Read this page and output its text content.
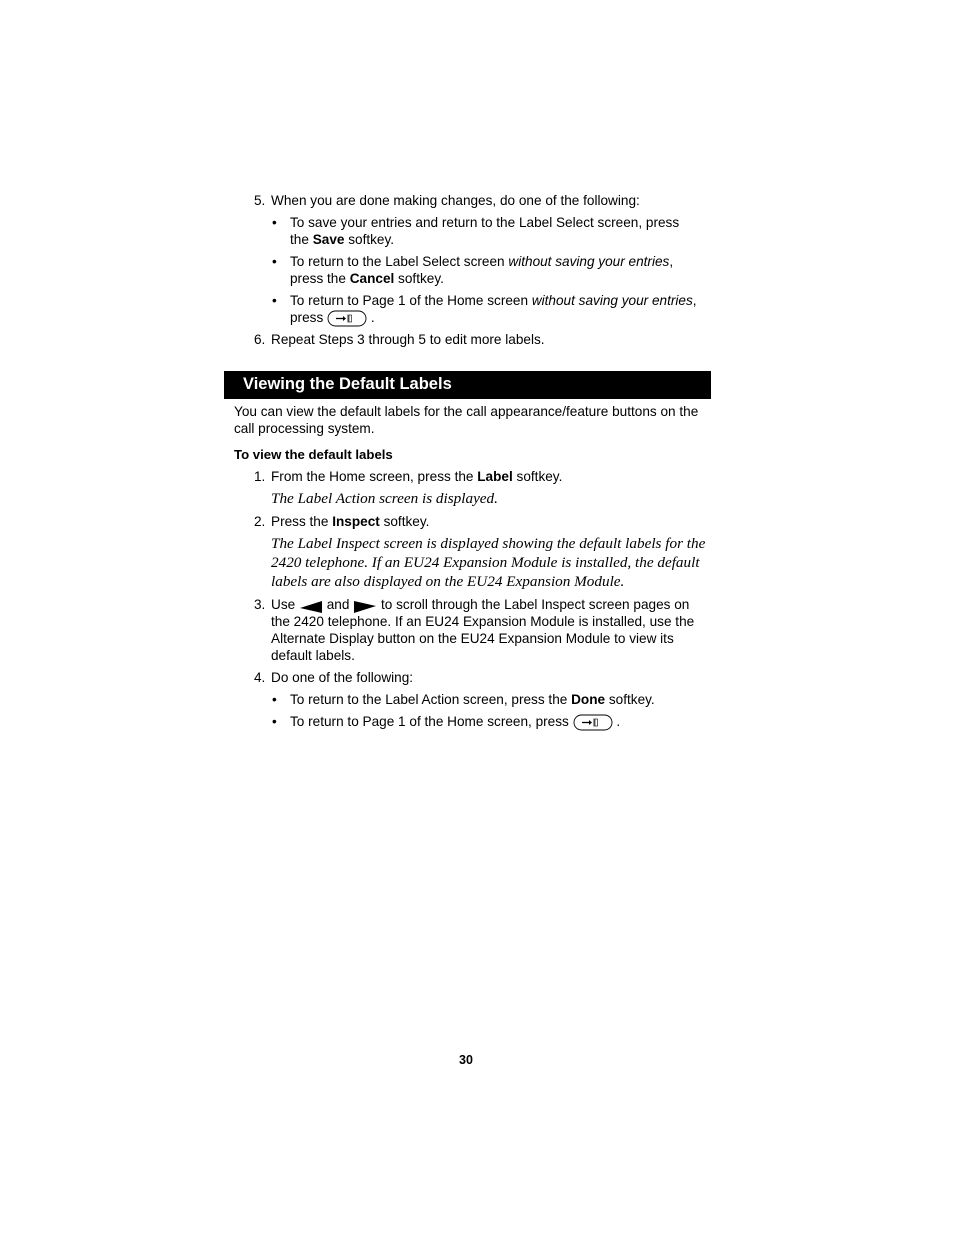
5. When you are done making changes, do one of the following:
• To save your entries and return to the Label Select screen, press
the Save softkey.
• To return to the Label Select screen without saving your entries,
press the Cancel softkey.
• To return to Page 1 of the Home screen without saving your entries,
press	.
6. Repeat Steps 3 through 5 to edit more labels.
Viewing the Default Labels
You can view the default labels for the call appearance/feature buttons on the
call processing system.
To view the default labels
1. From the Home screen, press the Label softkey.
The Label Action screen is displayed.
2. Press the Inspect softkey.
The Label Inspect screen is displayed showing the default labels for the
2420 telephone. If an EU24 Expansion Module is installed, the default
labels are also displayed on the EU24 Expansion Module.
3. Use and to scroll through the Label Inspect screen pages on
the 2420 telephone. If an EU24 Expansion Module is installed, use the
Alternate Display button on the EU24 Expansion Module to view its
default labels.
4. Do one of the following:
• To return to the Label Action screen, press the Done softkey.
• To return to Page 1 of the Home screen, press	.
30
